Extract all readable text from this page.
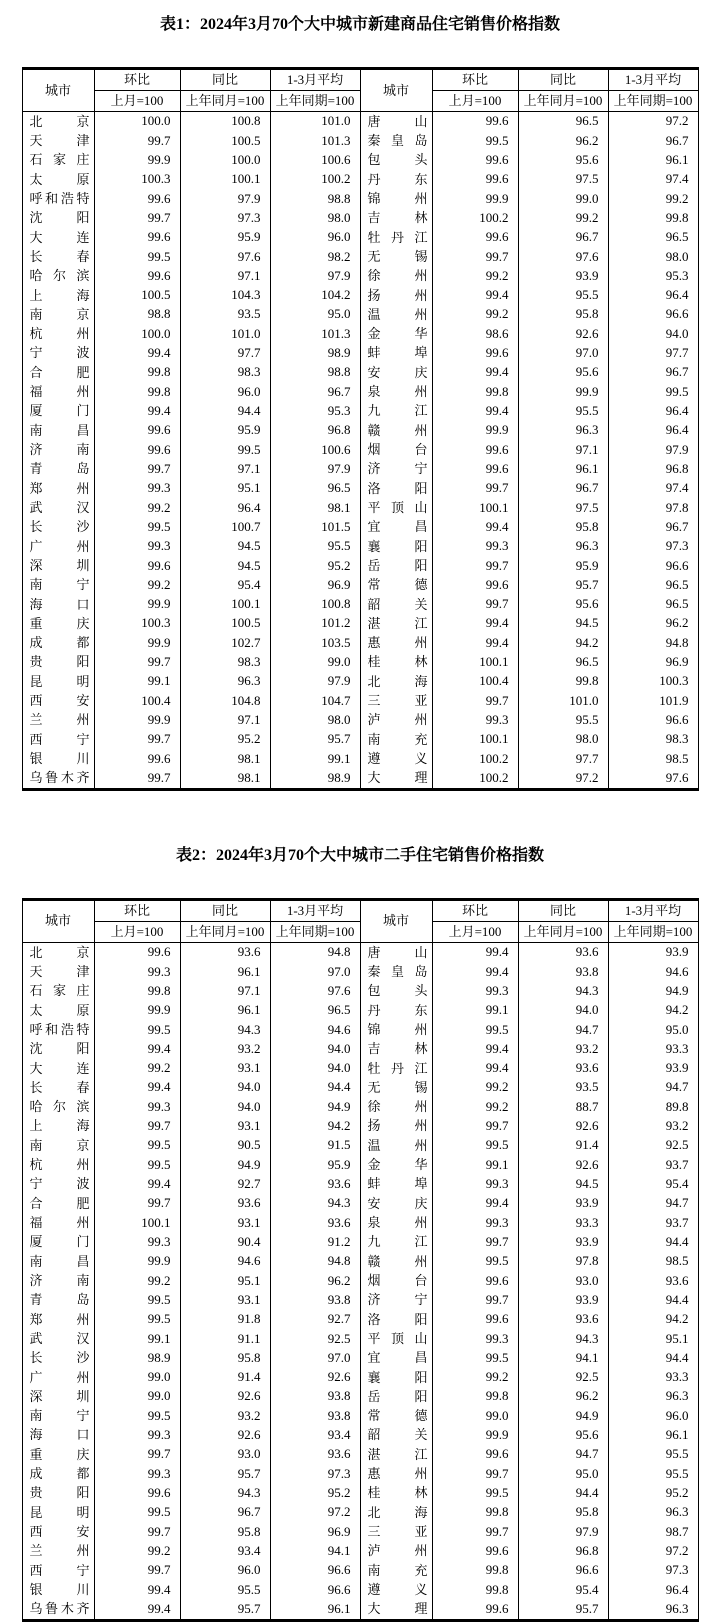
表1：2024年3月70个大中城市新建商品住宅销售价格指数
城市	环比	同比	1-3月平均	城市	环比	同比	1-3月平均
	上月=100	上年同月=100	上年同期=100		上月=100	上年同月=100	上年同期=100

北 京	100.0	100.8	101.0	唐 山	99.6	96.5	97.2

天 津	99.7	100.5	101.3	秦 皇 岛	99.5	96.2	96.7

石 家 庄	99.9	100.0	100.6	包 头	99.6	95.6	96.1

太 原	100.3	100.1	100.2	丹 东	99.6	97.5	97.4

呼 和 浩 特	99.6	97.9	98.8	锦 州	99.9	99.0	99.2

沈 阳	99.7	97.3	98.0	吉 林	100.2	99.2	99.8

大 连	99.6	95.9	96.0	牡 丹 江	99.6	96.7	96.5

长 春	99.5	97.6	98.2	无 锡	99.7	97.6	98.0

哈 尔 滨	99.6	97.1	97.9	徐 州	99.2	93.9	95.3

上 海	100.5	104.3	104.2	扬 州	99.4	95.5	96.4

南 京	98.8	93.5	95.0	温 州	99.2	95.8	96.6

杭 州	100.0	101.0	101.3	金 华	98.6	92.6	94.0

宁 波	99.4	97.7	98.9	蚌 埠	99.6	97.0	97.7

合 肥	99.8	98.3	98.8	安 庆	99.4	95.6	96.7

福 州	99.8	96.0	96.7	泉 州	99.8	99.9	99.5

厦 门	99.4	94.4	95.3	九 江	99.4	95.5	96.4

南 昌	99.6	95.9	96.8	赣 州	99.9	96.3	96.4

济 南	99.6	99.5	100.6	烟 台	99.6	97.1	97.9

青 岛	99.7	97.1	97.9	济 宁	99.6	96.1	96.8

郑 州	99.3	95.1	96.5	洛 阳	99.7	96.7	97.4

武 汉	99.2	96.4	98.1	平 顶 山	100.1	97.5	97.8

长 沙	99.5	100.7	101.5	宜 昌	99.4	95.8	96.7

广 州	99.3	94.5	95.5	襄 阳	99.3	96.3	97.3

深 圳	99.6	94.5	95.2	岳 阳	99.7	95.9	96.6

南 宁	99.2	95.4	96.9	常 德	99.6	95.7	96.5

海 口	99.9	100.1	100.8	韶 关	99.7	95.6	96.5

重 庆	100.3	100.5	101.2	湛 江	99.4	94.5	96.2

成 都	99.9	102.7	103.5	惠 州	99.4	94.2	94.8

贵 阳	99.7	98.3	99.0	桂 林	100.1	96.5	96.9

昆 明	99.1	96.3	97.9	北 海	100.4	99.8	100.3

西 安	100.4	104.8	104.7	三 亚	99.7	101.0	101.9

兰 州	99.9	97.1	98.0	泸 州	99.3	95.5	96.6

西 宁	99.7	95.2	95.7	南 充	100.1	98.0	98.3

银 川	99.6	98.1	99.1	遵 义	100.2	97.7	98.5

乌 鲁 木 齐	99.7	98.1	98.9	大 理	100.2	97.2	97.6
表2：2024年3月70个大中城市二手住宅销售价格指数
城市	环比	同比	1-3月平均	城市	环比	同比	1-3月平均
	上月=100	上年同月=100	上年同期=100		上月=100	上年同月=100	上年同期=100

北 京	99.6	93.6	94.8	唐 山	99.4	93.6	93.9

天 津	99.3	96.1	97.0	秦 皇 岛	99.4	93.8	94.6

石 家 庄	99.8	97.1	97.6	包 头	99.3	94.3	94.9

太 原	99.9	96.1	96.5	丹 东	99.1	94.0	94.2

呼 和 浩 特	99.5	94.3	94.6	锦 州	99.5	94.7	95.0

沈 阳	99.4	93.2	94.0	吉 林	99.4	93.2	93.3

大 连	99.2	93.1	94.0	牡 丹 江	99.4	93.6	93.9

长 春	99.4	94.0	94.4	无 锡	99.2	93.5	94.7

哈 尔 滨	99.3	94.0	94.9	徐 州	99.2	88.7	89.8

上 海	99.7	93.1	94.2	扬 州	99.7	92.6	93.2

南 京	99.5	90.5	91.5	温 州	99.5	91.4	92.5

杭 州	99.5	94.9	95.9	金 华	99.1	92.6	93.7

宁 波	99.4	92.7	93.6	蚌 埠	99.3	94.5	95.4

合 肥	99.7	93.6	94.3	安 庆	99.4	93.9	94.7

福 州	100.1	93.1	93.6	泉 州	99.3	93.3	93.7

厦 门	99.3	90.4	91.2	九 江	99.7	93.9	94.4

南 昌	99.9	94.6	94.8	赣 州	99.5	97.8	98.5

济 南	99.2	95.1	96.2	烟 台	99.6	93.0	93.6

青 岛	99.5	93.1	93.8	济 宁	99.7	93.9	94.4

郑 州	99.5	91.8	92.7	洛 阳	99.6	93.6	94.2

武 汉	99.1	91.1	92.5	平 顶 山	99.3	94.3	95.1

长 沙	98.9	95.8	97.0	宜 昌	99.5	94.1	94.4

广 州	99.0	91.4	92.6	襄 阳	99.2	92.5	93.3

深 圳	99.0	92.6	93.8	岳 阳	99.8	96.2	96.3

南 宁	99.5	93.2	93.8	常 德	99.0	94.9	96.0

海 口	99.3	92.6	93.4	韶 关	99.9	95.6	96.1

重 庆	99.7	93.0	93.6	湛 江	99.6	94.7	95.5

成 都	99.3	95.7	97.3	惠 州	99.7	95.0	95.5

贵 阳	99.6	94.3	95.2	桂 林	99.5	94.4	95.2

昆 明	99.5	96.7	97.2	北 海	99.8	95.8	96.3

西 安	99.7	95.8	96.9	三 亚	99.7	97.9	98.7

兰 州	99.2	93.4	94.1	泸 州	99.6	96.8	97.2

西 宁	99.7	96.0	96.6	南 充	99.8	96.6	97.3

银 川	99.4	95.5	96.6	遵 义	99.8	95.4	96.4

乌 鲁 木 齐	99.4	95.7	96.1	大 理	99.6	95.7	96.3
